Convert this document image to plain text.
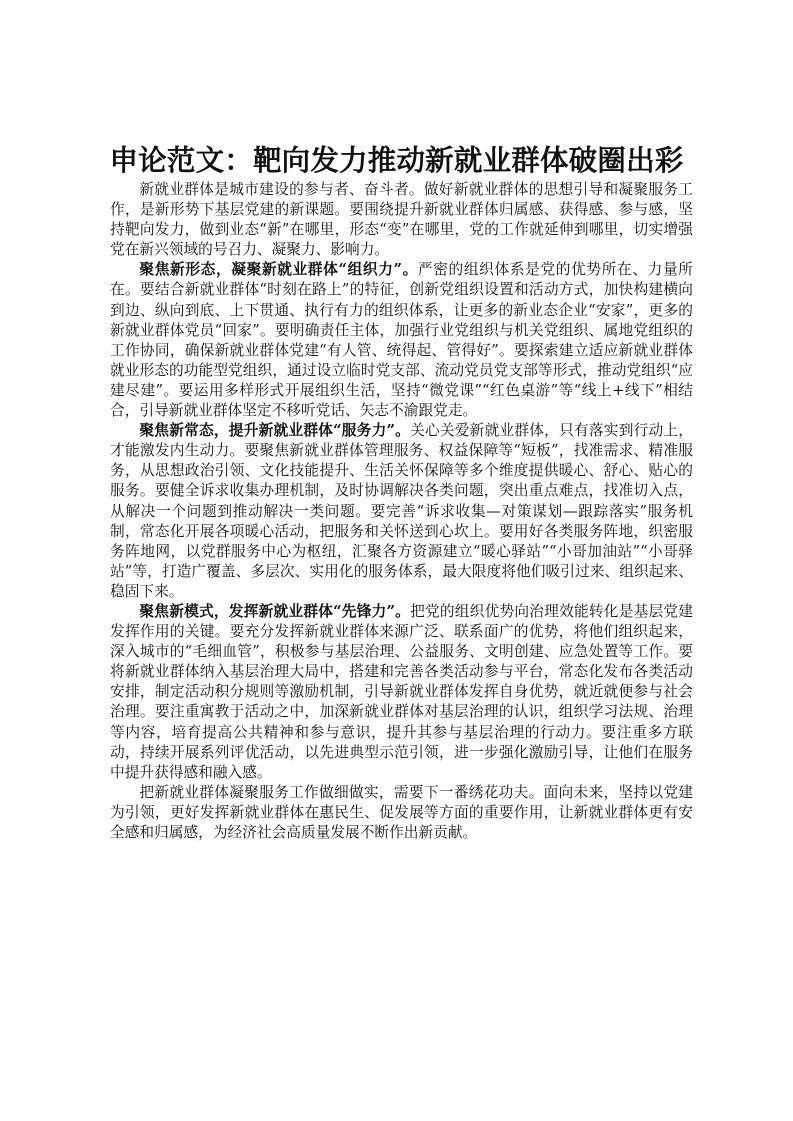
申论范文：靶向发力推动新就业群体破圈出彩

新就业群体是城市建设的参与者、奋斗者。做好新就业群体的思想引导和凝聚服务工作，是新形势下基层党建的新课题。要围绕提升新就业群体归属感、获得感、参与感，坚持靶向发力，做到业态“新”在哪里，形态“变”在哪里，党的工作就延伸到哪里，切实增强党在新兴领域的号召力、凝聚力、影响力。

聚焦新形态，凝聚新就业群体“组织力”。严密的组织体系是党的优势所在、力量所在。要结合新就业群体“时刻在路上”的特征，创新党组织设置和活动方式，加快构建横向到边、纵向到底、上下贯通、执行有力的组织体系，让更多的新业态企业“安家”，更多的新就业群体党员“回家”。要明确责任主体，加强行业党组织与机关党组织、属地党组织的工作协同，确保新就业群体党建“有人管、统得起、管得好”。要探索建立适应新就业群体就业形态的功能型党组织，通过设立临时党支部、流动党员党支部等形式，推动党组织“应建尽建”。要运用多样形式开展组织生活，坚持“微党课”“红色桌游”等“线上+线下”相结合，引导新就业群体坚定不移听党话、矢志不渝跟党走。

聚焦新常态，提升新就业群体“服务力”。关心关爱新就业群体，只有落实到行动上，才能激发内生动力。要聚焦新就业群体管理服务、权益保障等“短板”，找准需求、精准服务，从思想政治引领、文化技能提升、生活关怀保障等多个维度提供暖心、舒心、贴心的服务。要健全诉求收集办理机制，及时协调解决各类问题，突出重点难点，找准切入点，从解决一个问题到推动解决一类问题。要完善“诉求收集—对策谋划—跟踪落实”服务机制，常态化开展各项暖心活动，把服务和关怀送到心坎上。要用好各类服务阵地，织密服务阵地网，以党群服务中心为枢纽，汇聚各方资源建立“暖心驿站”“小哥加油站”“小哥驿站”等，打造广覆盖、多层次、实用化的服务体系，最大限度将他们吸引过来、组织起来、稳固下来。

聚焦新模式，发挥新就业群体“先锋力”。把党的组织优势向治理效能转化是基层党建发挥作用的关键。要充分发挥新就业群体来源广泛、联系面广的优势，将他们组织起来，深入城市的“毛细血管”，积极参与基层治理、公益服务、文明创建、应急处置等工作。要将新就业群体纳入基层治理大局中，搭建和完善各类活动参与平台，常态化发布各类活动安排，制定活动积分规则等激励机制，引导新就业群体发挥自身优势，就近就便参与社会治理。要注重寓教于活动之中，加深新就业群体对基层治理的认识，组织学习法规、治理等内容，培育提高公共精神和参与意识，提升其参与基层治理的行动力。要注重多方联动，持续开展系列评优活动，以先进典型示范引领，进一步强化激励引导，让他们在服务中提升获得感和融入感。

把新就业群体凝聚服务工作做细做实，需要下一番绣花功夫。面向未来，坚持以党建为引领，更好发挥新就业群体在惠民生、促发展等方面的重要作用，让新就业群体更有安全感和归属感，为经济社会高质量发展不断作出新贡献。
